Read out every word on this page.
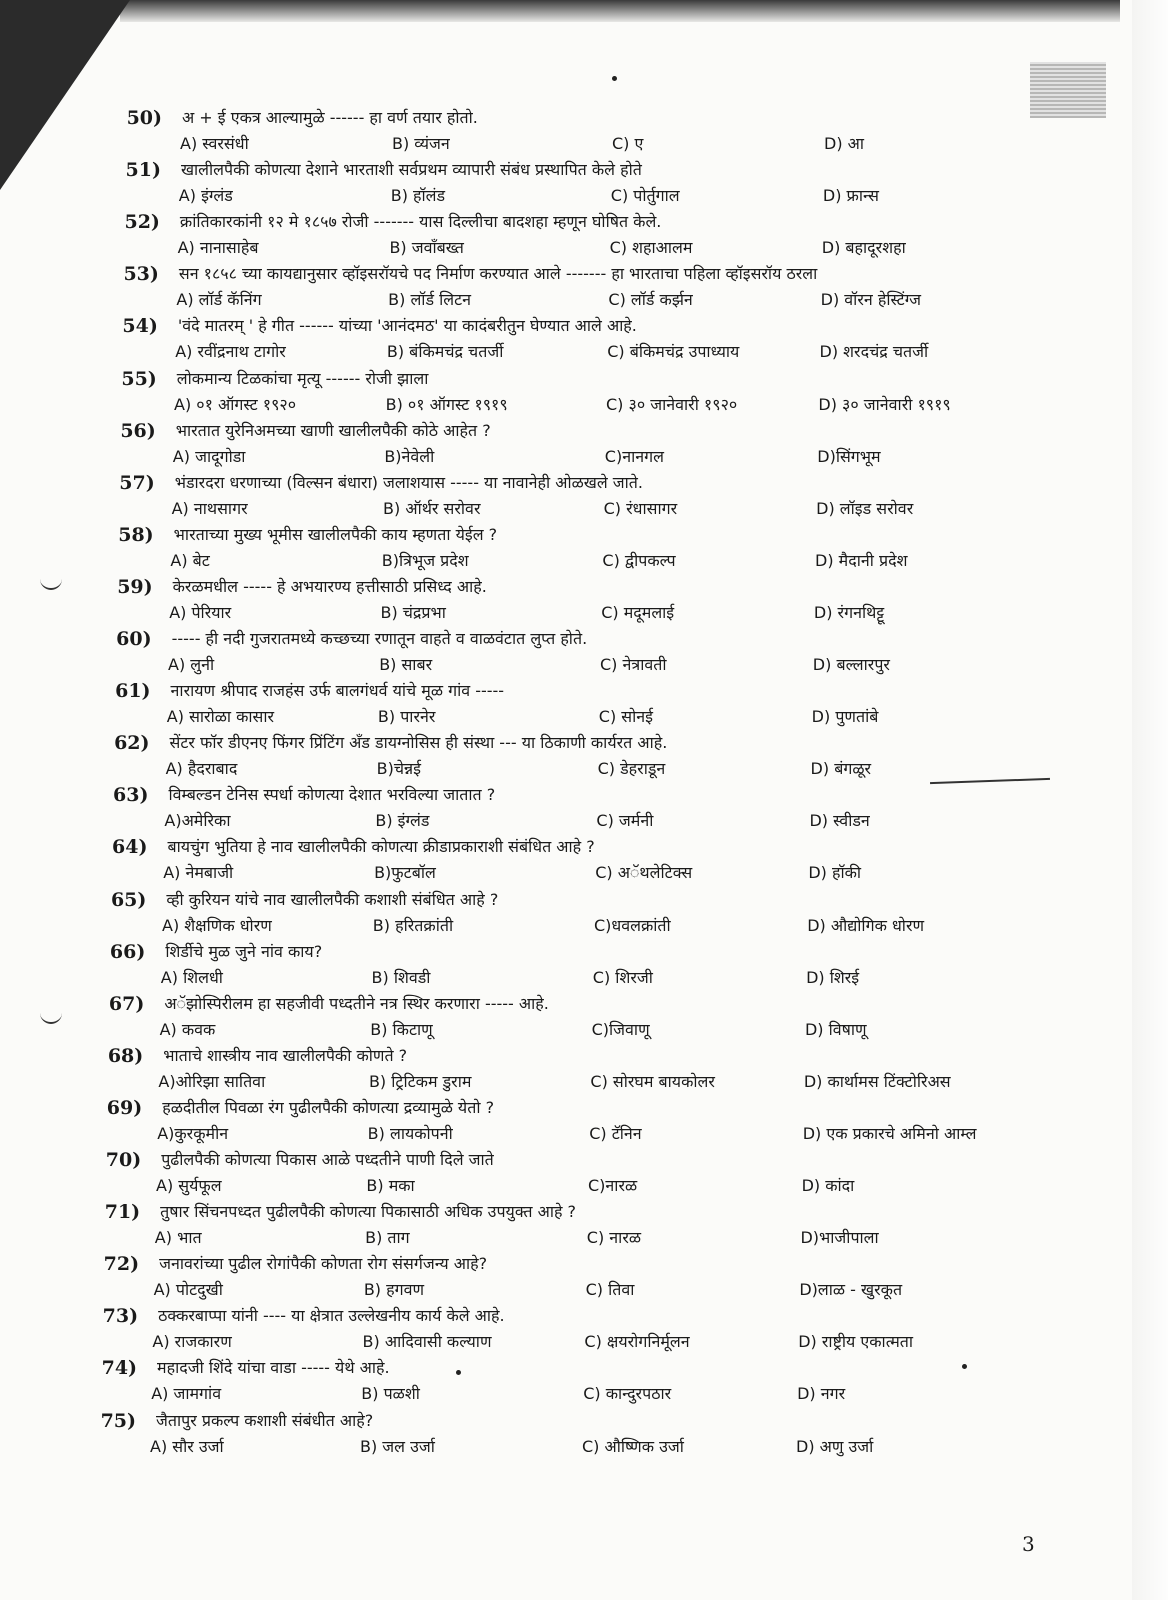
50) अ + ई एकत्र आल्यामुळे ------ हा वर्ण तयार होतो.
A) स्वरसंधी	B) व्यंजन	C) ए	D) आ
51) खालीलपैकी कोणत्या देशाने भारताशी सर्वप्रथम व्यापारी संबंध प्रस्थापित केले होते
A) इंग्लंड	B) हॉलंड	C) पोर्तुगाल	D) फ्रान्स
52) क्रांतिकारकांनी १२ मे १८५७ रोजी ------- यास दिल्लीचा बादशहा म्हणून घोषित केले.
A) नानासाहेब	B) जवाँबख्त	C) शहाआलम	D) बहादूरशहा
53) सन १८५८ च्या कायद्यानुसार व्हॉइसरॉयचे पद निर्माण करण्यात आले ------- हा भारताचा पहिला व्हॉइसरॉय ठरला
A) लॉर्ड कॅनिंग	B) लॉर्ड लिटन	C) लॉर्ड कर्झन	D) वॉरन हेस्टिंग्ज
54) 'वंदे मातरम् ' हे गीत ------ यांच्या 'आनंदमठ' या कादंबरीतुन घेण्यात आले आहे.
A) रवींद्रनाथ टागोर	B) बंकिमचंद्र चतर्जी	C) बंकिमचंद्र उपाध्याय	D) शरदचंद्र चतर्जी
55) लोकमान्य टिळकांचा मृत्यू ------ रोजी झाला
A) ०१ ऑगस्ट १९२०	B) ०१ ऑगस्ट १९१९	C) ३० जानेवारी १९२०	D) ३० जानेवारी १९१९
56) भारतात युरेनिअमच्या खाणी खालीलपैकी कोठे आहेत ?
A) जादूगोडा	B)नेवेली	C)नानगल	D)सिंगभूम
57) भंडारदरा धरणाच्या (विल्सन बंधारा) जलाशयास ----- या नावानेही ओळखले जाते.
A) नाथसागर	B) ऑर्थर सरोवर	C) रंधासागर	D) लॉइड सरोवर
58) भारताच्या मुख्य भूमीस खालीलपैकी काय म्हणता येईल ?
A) बेट	B)त्रिभूज प्रदेश	C) द्वीपकल्प	D) मैदानी प्रदेश
59) केरळमधील ----- हे अभयारण्य हत्तीसाठी प्रसिध्द आहे.
A) पेरियार	B) चंद्रप्रभा	C) मदूमलाई	D) रंगनथिट्टू
60) ----- ही नदी गुजरातमध्ये कच्छच्या रणातून वाहते व वाळवंटात लुप्त होते.
A) लुनी	B) साबर	C) नेत्रावती	D) बल्लारपुर
61) नारायण श्रीपाद राजहंस उर्फ बालगंधर्व यांचे मूळ गांव -----
A) सारोळा कासार	B) पारनेर	C) सोनई	D) पुणतांबे
62) सेंटर फॉर डीएनए फिंगर प्रिंटिंग अँड डायग्नोसिस ही संस्था --- या ठिकाणी कार्यरत आहे.
A) हैदराबाद	B)चेन्नई	C) डेहराडून	D) बंगळूर
63) विम्बल्डन टेनिस स्पर्धा कोणत्या देशात भरविल्या जातात ?
A)अमेरिका	B) इंग्लंड	C) जर्मनी	D) स्वीडन
64) बायचुंग भुतिया हे नाव खालीलपैकी कोणत्या क्रीडाप्रकाराशी संबंधित आहे ?
A) नेमबाजी	B)फुटबॉल	C) अॅथलेटिक्स	D) हॉकी
65) व्ही कुरियन यांचे नाव खालीलपैकी कशाशी संबंधित आहे ?
A) शैक्षणिक धोरण	B) हरितक्रांती	C)धवलक्रांती	D) औद्योगिक धोरण
66) शिर्डीचे मुळ जुने नांव काय?
A) शिलधी	B) शिवडी	C) शिरजी	D) शिरई
67) अॅझोस्पिरीलम हा सहजीवी पध्दतीने नत्र स्थिर करणारा ----- आहे.
A) कवक	B) किटाणू	C)जिवाणू	D) विषाणू
68) भाताचे शास्त्रीय नाव खालीलपैकी कोणते ?
A)ओरिझा सातिवा	B) ट्रिटिकम डुराम	C) सोरघम बायकोलर	D) कार्थामस टिंक्टोरिअस
69) हळदीतील पिवळा रंग पुढीलपैकी कोणत्या द्रव्यामुळे येतो ?
A)कुरकूमीन	B) लायकोपनी	C) टॅनिन	D) एक प्रकारचे अमिनो आम्ल
70) पुढीलपैकी कोणत्या पिकास आळे पध्दतीने पाणी दिले जाते
A) सुर्यफूल	B) मका	C)नारळ	D) कांदा
71) तुषार सिंचनपध्दत पुढीलपैकी कोणत्या पिकासाठी अधिक उपयुक्त आहे ?
A) भात	B) ताग	C) नारळ	D)भाजीपाला
72) जनावरांच्या पुढील रोगांपैकी कोणता रोग संसर्गजन्य आहे?
A) पोटदुखी	B) हगवण	C) तिवा	D)लाळ - खुरकूत
73) ठक्करबाप्पा यांनी ---- या क्षेत्रात उल्लेखनीय कार्य केले आहे.
A) राजकारण	B) आदिवासी कल्याण	C) क्षयरोगनिर्मूलन	D) राष्ट्रीय एकात्मता
74) महादजी शिंदे यांचा वाडा ----- येथे आहे.
A) जामगांव	B) पळशी	C) कान्दुरपठार	D) नगर
75) जैतापुर प्रकल्प कशाशी संबंधीत आहे?
A) सौर उर्जा	B) जल उर्जा	C) औष्णिक उर्जा	D) अणु उर्जा
3
